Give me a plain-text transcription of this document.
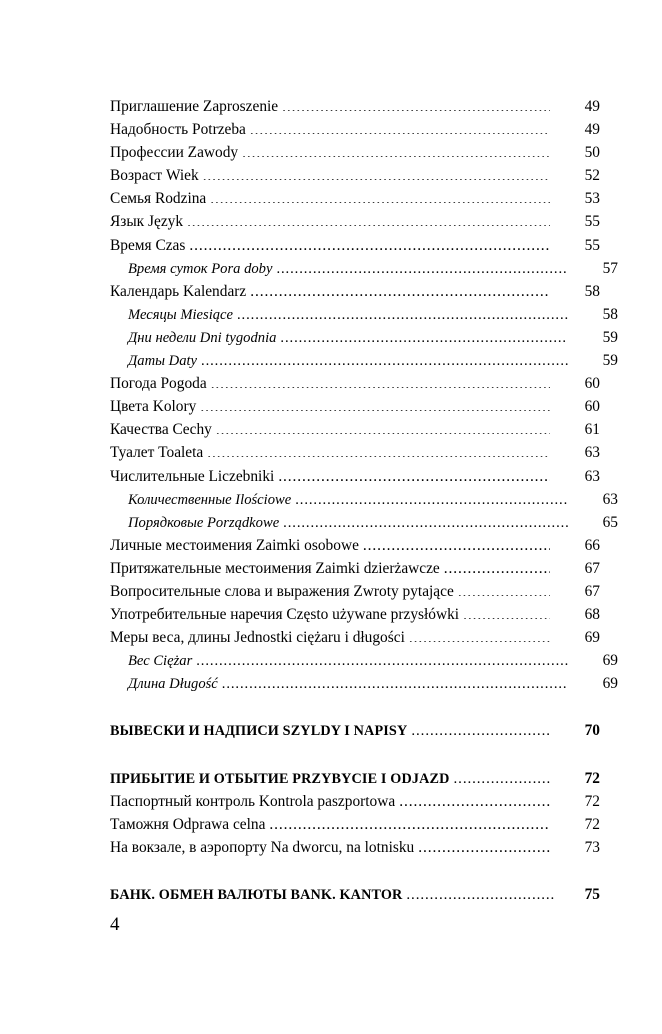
Приглашение Zaproszenie .....	49
Надобность Potrzeba .....	49
Профессии Zawody .....	50
Возраст Wiek .....	52
Семья Rodzina .....	53
Язык Język .....	55
Время Czas .....	55
Время суток Pora doby .....	57
Календарь Kalendarz .....	58
Месяцы Miesiące .....	58
Дни недели Dni tygodnia .....	59
Даты Daty .....	59
Погода Pogoda .....	60
Цвета Kolory .....	60
Качества Cechy .....	61
Туалет Toaleta .....	63
Числительные Liczebniki .....	63
Количественные Ilościowe .....	63
Порядковые Porządkowe .....	65
Личные местоимения Zaimki osobowe .....	66
Притяжательные местоимения Zaimki dzierżawcze .....	67
Вопросительные слова и выражения Zwroty pytające .....	67
Употребительные наречия Często używane przysłówki .....	68
Меры веса, длины Jednostki ciężaru i długości .....	69
Вес Ciężar .....	69
Длина Długość .....	69
ВЫВЕСКИ И НАДПИСИ SZYLDY I NAPISY .....	70
ПРИБЫТИЕ И ОТБЫТИЕ PRZYBYCIE I ODJAZD .....	72
Паспортный контроль Kontrola paszportowa .....	72
Таможня Odprawa celna .....	72
На вокзале, в аэропорту Na dworcu, na lotnisku .....	73
БАНК. ОБМЕН ВАЛЮТЫ BANK. KANTOR .....	75
4
